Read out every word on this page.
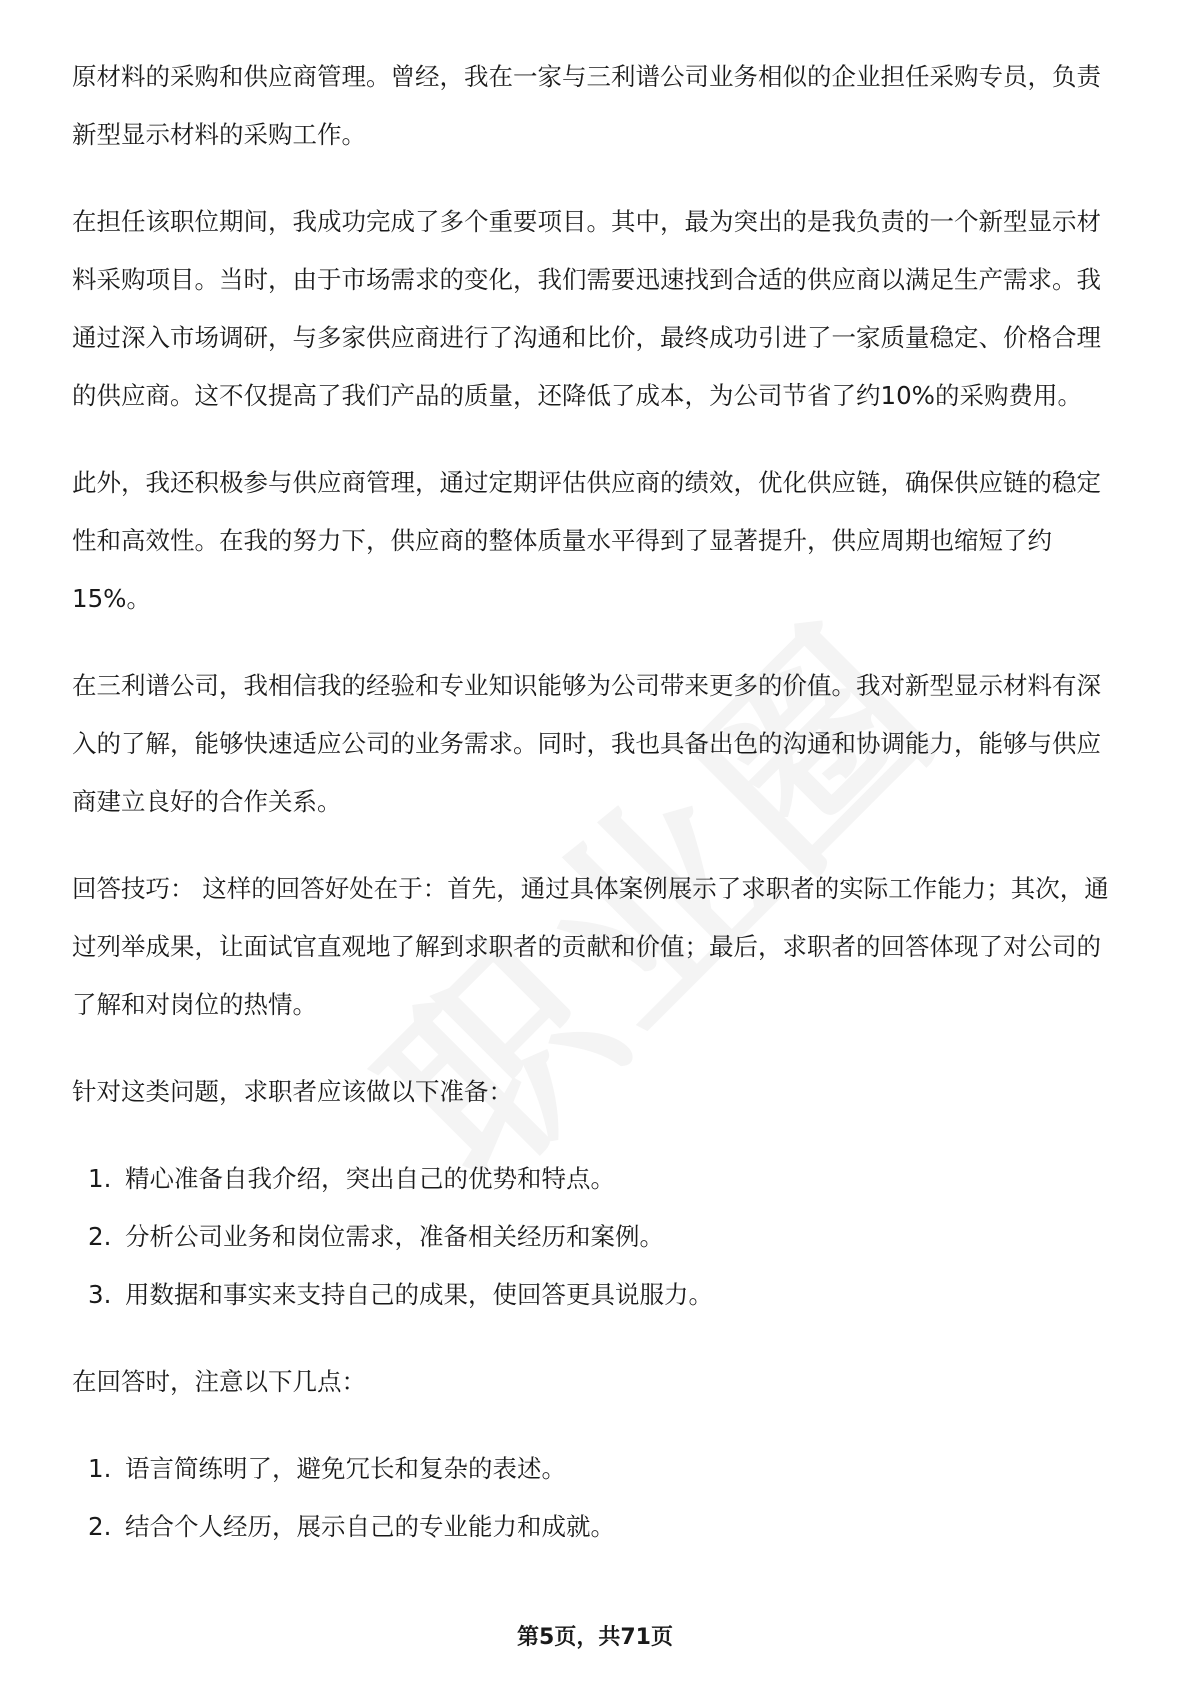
原材料的采购和供应商管理。曾经，我在一家与三利谱公司业务相似的企业担任采购专员，负责新型显示材料的采购工作。

在担任该职位期间，我成功完成了多个重要项目。其中，最为突出的是我负责的一个新型显示材料采购项目。当时，由于市场需求的变化，我们需要迅速找到合适的供应商以满足生产需求。我通过深入市场调研，与多家供应商进行了沟通和比价，最终成功引进了一家质量稳定、价格合理的供应商。这不仅提高了我们产品的质量，还降低了成本，为公司节省了约10%的采购费用。

此外，我还积极参与供应商管理，通过定期评估供应商的绩效，优化供应链，确保供应链的稳定性和高效性。在我的努力下，供应商的整体质量水平得到了显著提升，供应周期也缩短了约15%。

在三利谱公司，我相信我的经验和专业知识能够为公司带来更多的价值。我对新型显示材料有深入的了解，能够快速适应公司的业务需求。同时，我也具备出色的沟通和协调能力，能够与供应商建立良好的合作关系。

回答技巧： 这样的回答好处在于：首先，通过具体案例展示了求职者的实际工作能力；其次，通过列举成果，让面试官直观地了解到求职者的贡献和价值；最后，求职者的回答体现了对公司的了解和对岗位的热情。

针对这类问题，求职者应该做以下准备：

1. 精心准备自我介绍，突出自己的优势和特点。
2. 分析公司业务和岗位需求，准备相关经历和案例。
3. 用数据和事实来支持自己的成果，使回答更具说服力。

在回答时，注意以下几点：

1. 语言简练明了，避免冗长和复杂的表述。
2. 结合个人经历，展示自己的专业能力和成就。
第5页，共71页
